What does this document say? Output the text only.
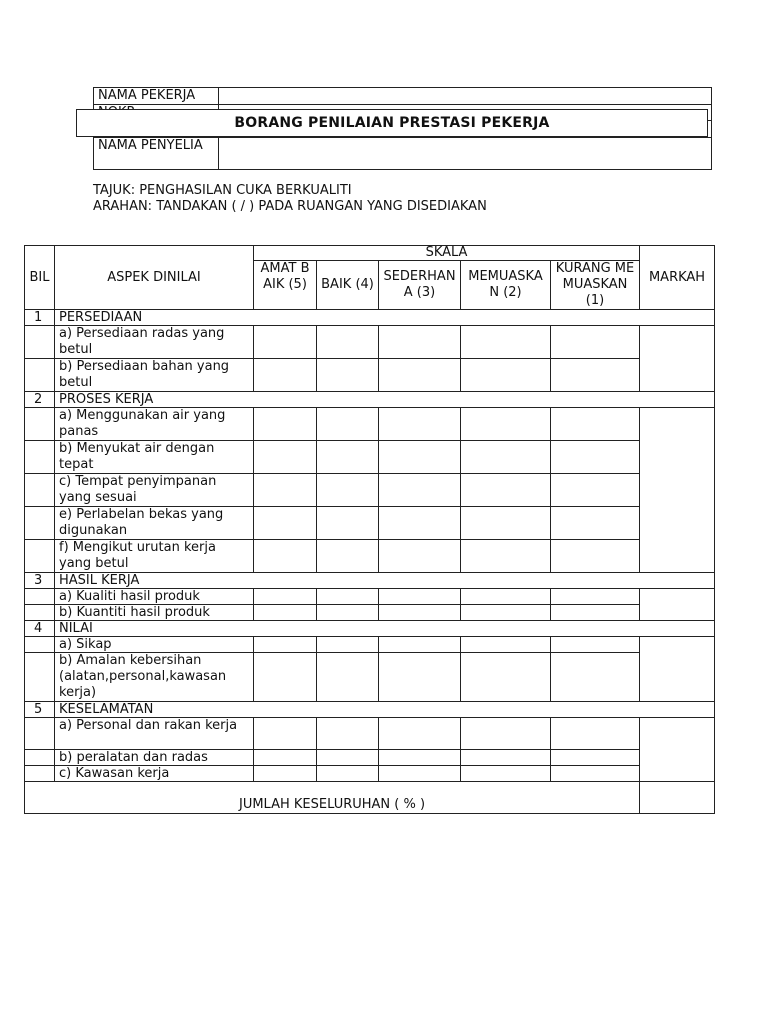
NAMA PEKERJA	

NAMA PENYELIA	
BORANG PENILAIAN PRESTASI PEKERJA
TAJUK: PENGHASILAN CUKA BERKUALITI
ARAHAN: TANDAKAN ( / ) PADA RUANGAN YANG DISEDIAKAN
BIL	ASPEK DINILAI	SKALA					MARKAH
		AMAT BAIK (5)	BAIK (4)	SEDERHANA (3)	MEMUASKAN (2)	KURANG MEMUASKAN (1)	
1	PERSEDIAAN						
	a) Persediaan radas yang betul						
	b) Persediaan bahan yang betul						
2	PROSES KERJA						
	a) Menggunakan air yang panas						
	b) Menyukat air dengan tepat						
	c) Tempat penyimpanan yang sesuai						
	e) Perlabelan bekas yang digunakan						
	f) Mengikut urutan kerja yang betul						
3	HASIL KERJA						
	a) Kualiti hasil produk						
	b) Kuantiti hasil produk						
4	NILAI						
	a) Sikap						
	b) Amalan kebersihan (alatan,personal,kawasan kerja)						
5	KESELAMATAN						
	a) Personal dan rakan kerja						
	b) peralatan dan radas						
	c) Kawasan kerja						
JUMLAH KESELURUHAN ( % )							
